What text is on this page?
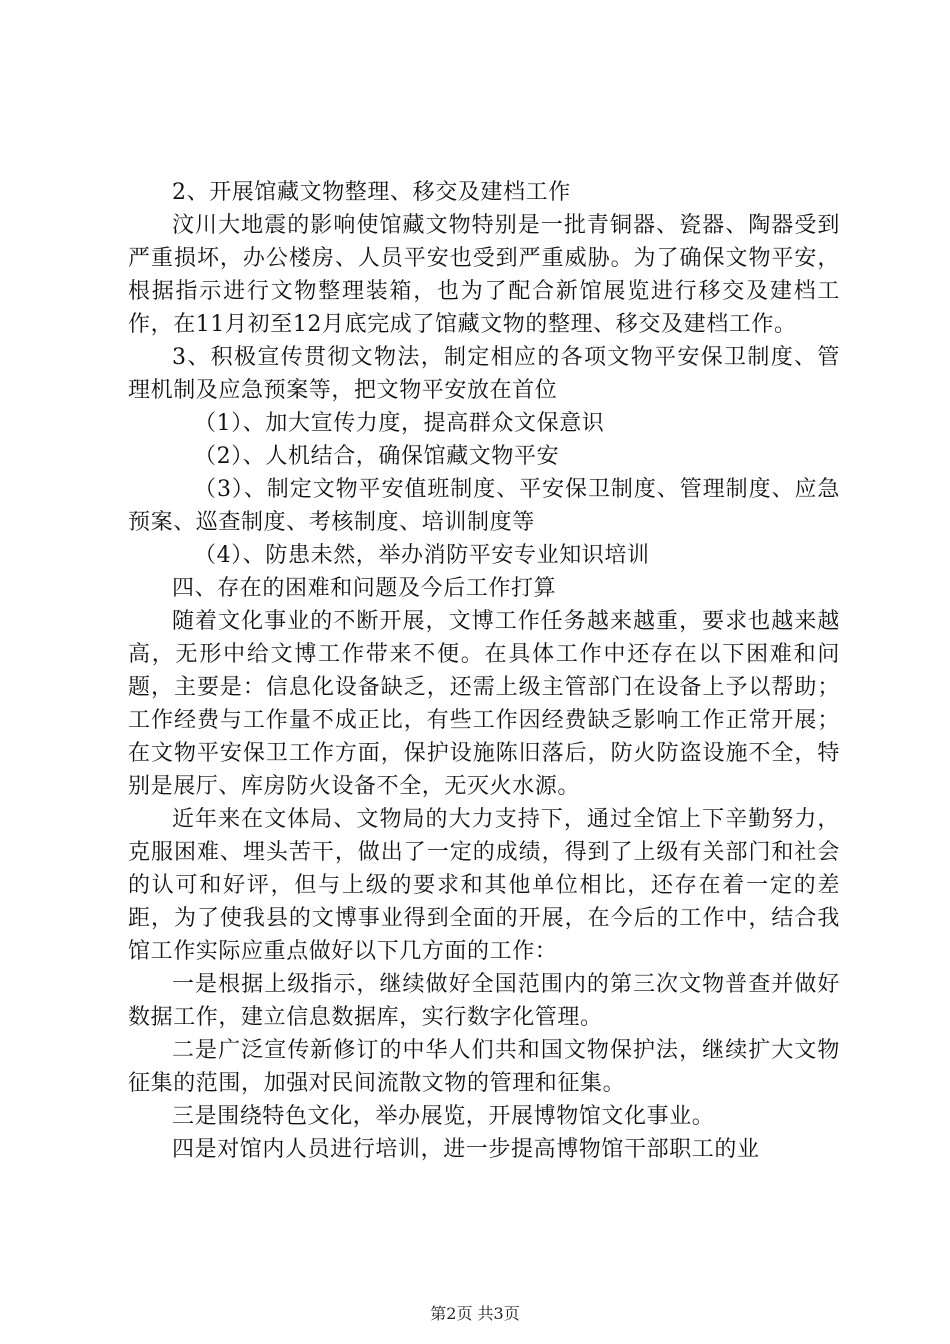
2、开展馆藏文物整理、移交及建档工作

汶川大地震的影响使馆藏文物特别是一批青铜器、瓷器、陶器受到严重损坏，办公楼房、人员平安也受到严重威胁。为了确保文物平安，根据指示进行文物整理装箱，也为了配合新馆展览进行移交及建档工作，在11月初至12月底完成了馆藏文物的整理、移交及建档工作。

3、积极宣传贯彻文物法，制定相应的各项文物平安保卫制度、管理机制及应急预案等，把文物平安放在首位

（1）、加大宣传力度，提高群众文保意识

（2）、人机结合，确保馆藏文物平安

（3）、制定文物平安值班制度、平安保卫制度、管理制度、应急预案、巡查制度、考核制度、培训制度等

（4）、防患未然，举办消防平安专业知识培训

四、存在的困难和问题及今后工作打算

随着文化事业的不断开展，文博工作任务越来越重，要求也越来越高，无形中给文博工作带来不便。在具体工作中还存在以下困难和问题，主要是：信息化设备缺乏，还需上级主管部门在设备上予以帮助；工作经费与工作量不成正比，有些工作因经费缺乏影响工作正常开展；在文物平安保卫工作方面，保护设施陈旧落后，防火防盗设施不全，特别是展厅、库房防火设备不全，无灭火水源。

近年来在文体局、文物局的大力支持下，通过全馆上下辛勤努力，克服困难、埋头苦干，做出了一定的成绩，得到了上级有关部门和社会的认可和好评，但与上级的要求和其他单位相比，还存在着一定的差距，为了使我县的文博事业得到全面的开展，在今后的工作中，结合我馆工作实际应重点做好以下几方面的工作：

一是根据上级指示，继续做好全国范围内的第三次文物普查并做好数据工作，建立信息数据库，实行数字化管理。

二是广泛宣传新修订的中华人们共和国文物保护法，继续扩大文物征集的范围，加强对民间流散文物的管理和征集。

三是围绕特色文化，举办展览，开展博物馆文化事业。

四是对馆内人员进行培训，进一步提高博物馆干部职工的业

第2页 共3页
